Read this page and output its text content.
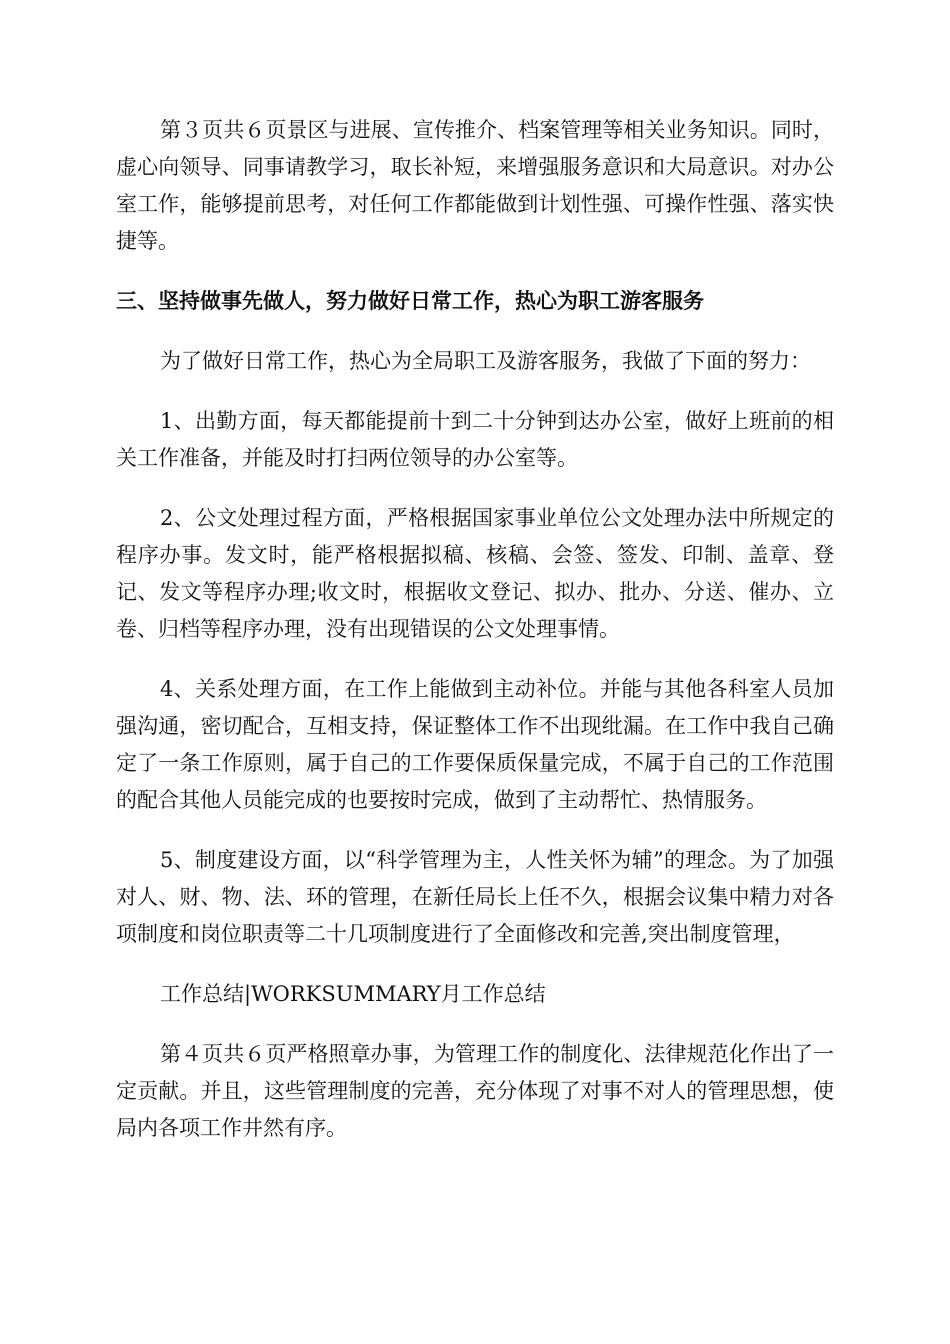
第３页共６页景区与进展、宣传推介、档案管理等相关业务知识。同时，虚心向领导、同事请教学习，取长补短，来增强服务意识和大局意识。对办公室工作，能够提前思考，对任何工作都能做到计划性强、可操作性强、落实快捷等。

三、坚持做事先做人，努力做好日常工作，热心为职工游客服务

为了做好日常工作，热心为全局职工及游客服务，我做了下面的努力：

1、出勤方面，每天都能提前十到二十分钟到达办公室，做好上班前的相关工作准备，并能及时打扫两位领导的办公室等。

2、公文处理过程方面，严格根据国家事业单位公文处理办法中所规定的程序办事。发文时，能严格根据拟稿、核稿、会签、签发、印制、盖章、登记、发文等程序办理;收文时，根据收文登记、拟办、批办、分送、催办、立卷、归档等程序办理，没有出现错误的公文处理事情。

4、关系处理方面，在工作上能做到主动补位。并能与其他各科室人员加强沟通，密切配合，互相支持，保证整体工作不出现纰漏。在工作中我自己确定了一条工作原则，属于自己的工作要保质保量完成，不属于自己的工作范围的配合其他人员能完成的也要按时完成，做到了主动帮忙、热情服务。

5、制度建设方面，以“科学管理为主，人性关怀为辅”的理念。为了加强对人、财、物、法、环的管理，在新任局长上任不久，根据会议集中精力对各项制度和岗位职责等二十几项制度进行了全面修改和完善,突出制度管理，

工作总结|WORKSUMMARY月工作总结

第４页共６页严格照章办事，为管理工作的制度化、法律规范化作出了一定贡献。并且，这些管理制度的完善，充分体现了对事不对人的管理思想，使局内各项工作井然有序。
